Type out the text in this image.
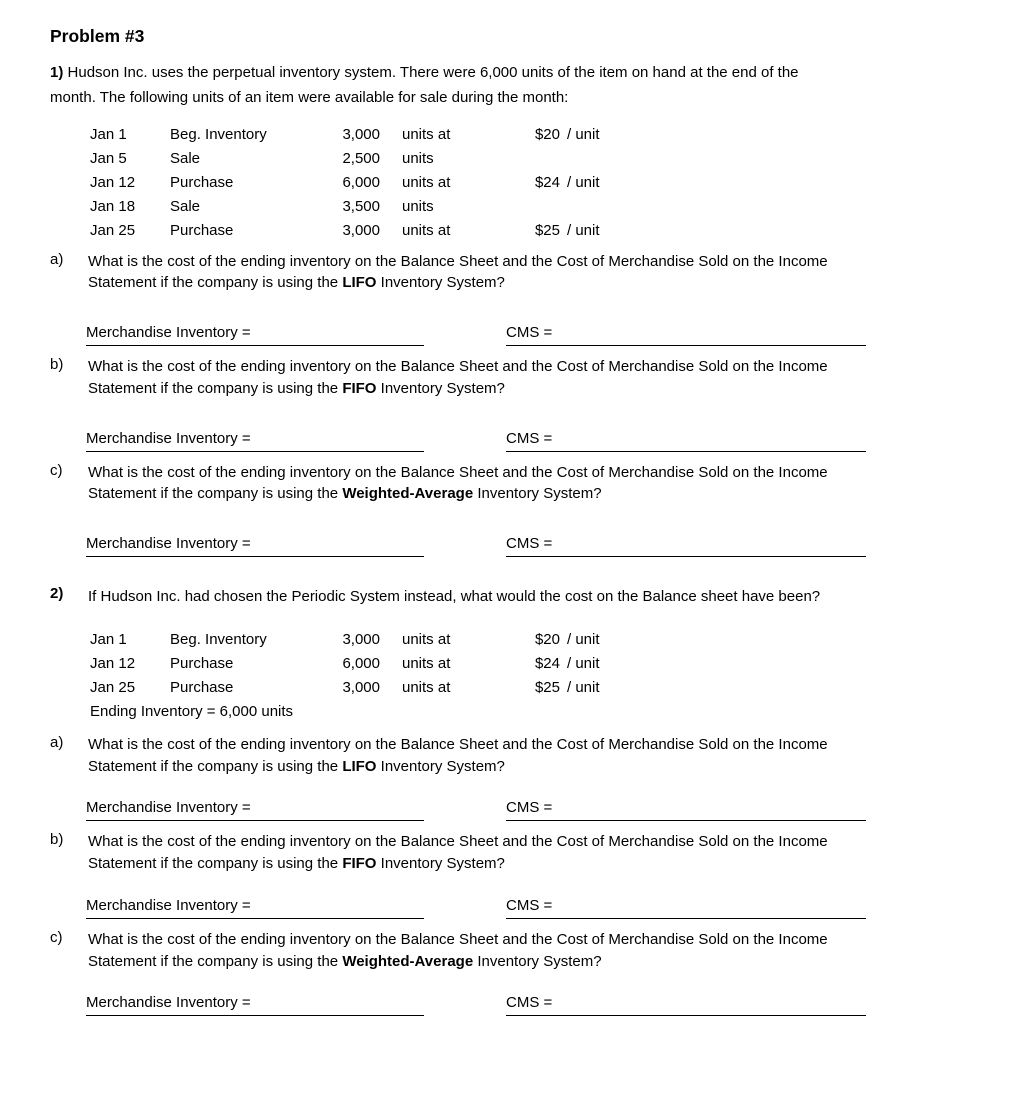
Problem #3

1) Hudson Inc. uses the perpetual inventory system. There were 6,000 units of the item on hand at the end of the month. The following units of an item were available for sale during the month:

Jan 1	Beg. Inventory	3,000	units at	$20 / unit
Jan 5	Sale	2,500	units
Jan 12	Purchase	6,000	units at	$24 / unit
Jan 18	Sale	3,500	units
Jan 25	Purchase	3,000	units at	$25 / unit
a)	What is the cost of the ending inventory on the Balance Sheet and the Cost of Merchandise Sold on the Income Statement if the company is using the LIFO Inventory System?

Merchandise Inventory =	CMS =
b)	What is the cost of the ending inventory on the Balance Sheet and the Cost of Merchandise Sold on the Income Statement if the company is using the FIFO Inventory System?

Merchandise Inventory =	CMS =
c)	What is the cost of the ending inventory on the Balance Sheet and the Cost of Merchandise Sold on the Income Statement if the company is using the Weighted-Average Inventory System?

Merchandise Inventory =	CMS =
2)	If Hudson Inc. had chosen the Periodic System instead, what would the cost on the Balance sheet have been?

Jan 1	Beg. Inventory	3,000	units at	$20 / unit
Jan 12	Purchase	6,000	units at	$24 / unit
Jan 25	Purchase	3,000	units at	$25 / unit
Ending Inventory = 6,000 units
a)	What is the cost of the ending inventory on the Balance Sheet and the Cost of Merchandise Sold on the Income Statement if the company is using the LIFO Inventory System?

Merchandise Inventory =	CMS =
b)	What is the cost of the ending inventory on the Balance Sheet and the Cost of Merchandise Sold on the Income Statement if the company is using the FIFO Inventory System?

Merchandise Inventory =	CMS =
c)	What is the cost of the ending inventory on the Balance Sheet and the Cost of Merchandise Sold on the Income Statement if the company is using the Weighted-Average Inventory System?

Merchandise Inventory =	CMS =
